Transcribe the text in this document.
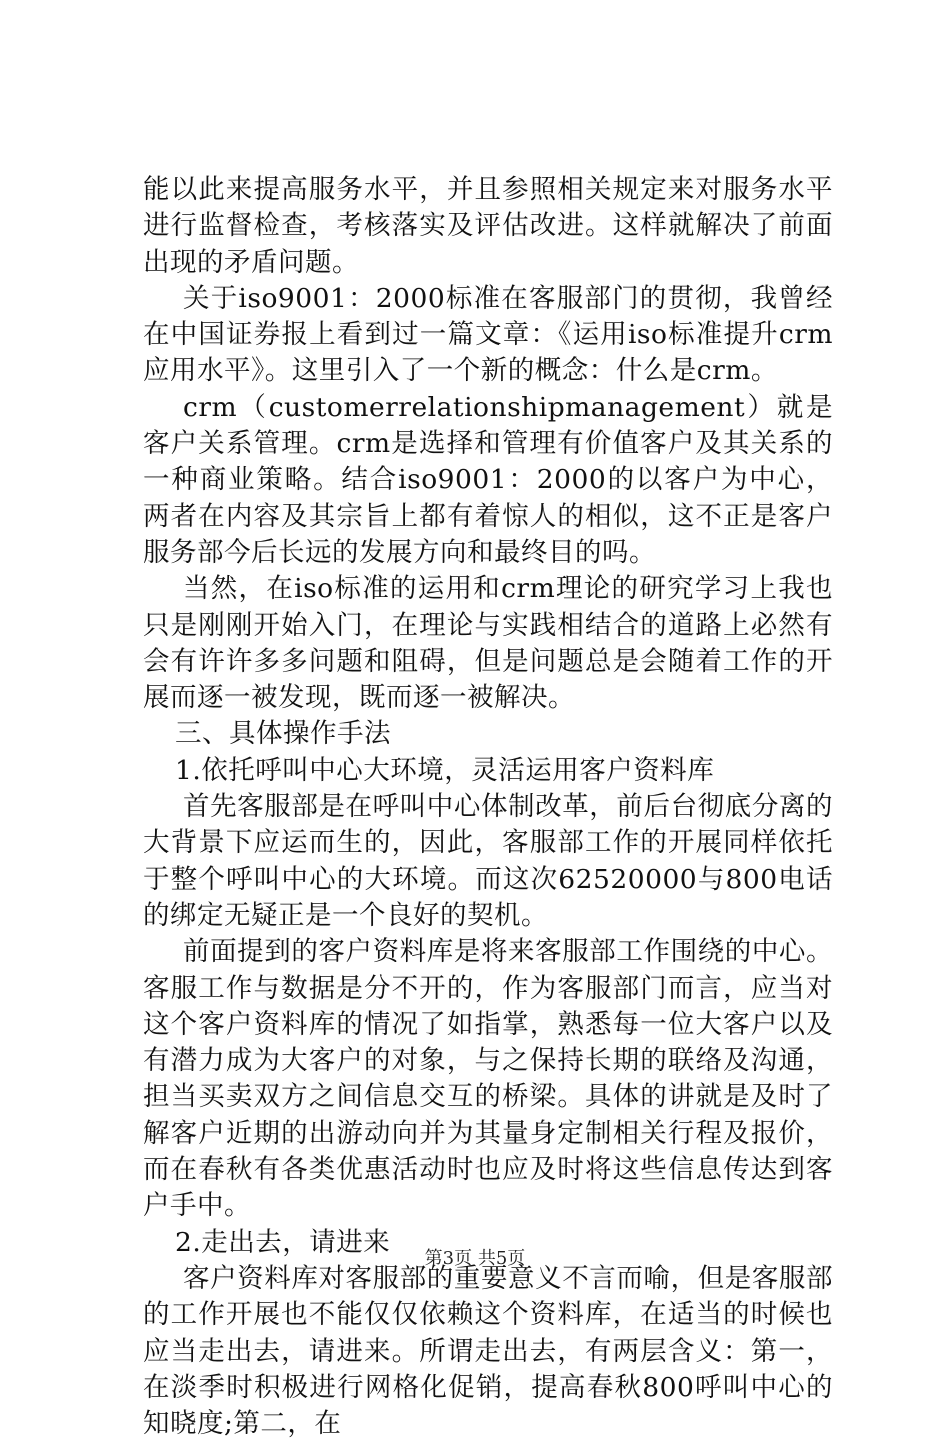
能以此来提高服务水平，并且参照相关规定来对服务水平进行监督检查，考核落实及评估改进。这样就解决了前面出现的矛盾问题。

关于iso9001：2000标准在客服部门的贯彻，我曾经在中国证券报上看到过一篇文章：《运用iso标准提升crm应用水平》。这里引入了一个新的概念：什么是crm。

crm（customerrelationshipmanagement）就是客户关系管理。crm是选择和管理有价值客户及其关系的一种商业策略。结合iso9001：2000的以客户为中心，两者在内容及其宗旨上都有着惊人的相似，这不正是客户服务部今后长远的发展方向和最终目的吗。

当然，在iso标准的运用和crm理论的研究学习上我也只是刚刚开始入门，在理论与实践相结合的道路上必然有会有许许多多问题和阻碍，但是问题总是会随着工作的开展而逐一被发现，既而逐一被解决。

三、具体操作手法

1.依托呼叫中心大环境，灵活运用客户资料库

首先客服部是在呼叫中心体制改革，前后台彻底分离的大背景下应运而生的，因此，客服部工作的开展同样依托于整个呼叫中心的大环境。而这次62520000与800电话的绑定无疑正是一个良好的契机。

前面提到的客户资料库是将来客服部工作围绕的中心。客服工作与数据是分不开的，作为客服部门而言，应当对这个客户资料库的情况了如指掌，熟悉每一位大客户以及有潜力成为大客户的对象，与之保持长期的联络及沟通，担当买卖双方之间信息交互的桥梁。具体的讲就是及时了解客户近期的出游动向并为其量身定制相关行程及报价，而在春秋有各类优惠活动时也应及时将这些信息传达到客户手中。

2.走出去，请进来

客户资料库对客服部的重要意义不言而喻，但是客服部的工作开展也不能仅仅依赖这个资料库，在适当的时候也应当走出去，请进来。所谓走出去，有两层含义：第一，在淡季时积极进行网格化促销，提高春秋800呼叫中心的知晓度;第二，在

第3页 共5页
